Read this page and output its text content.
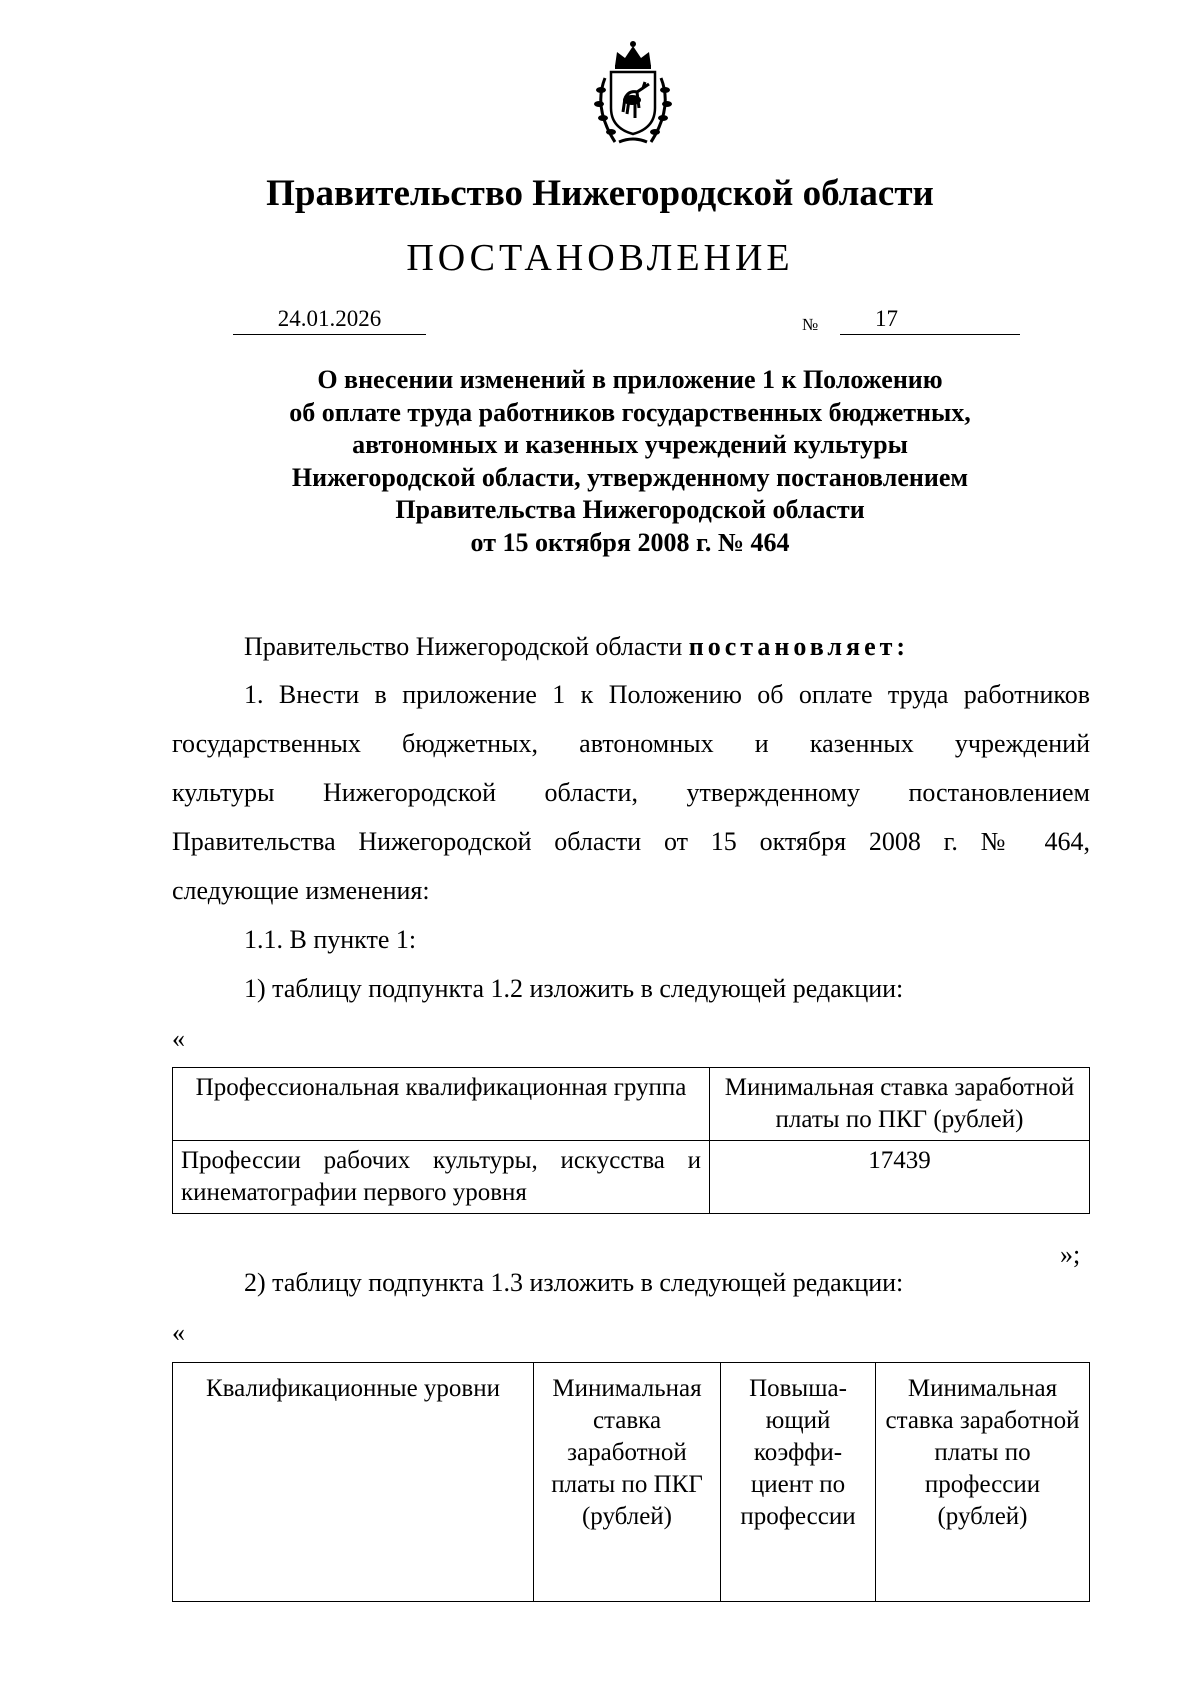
Правительство Нижегородской области
ПОСТАНОВЛЕНИЕ
24.01.2026	№	17
О внесении изменений в приложение 1 к Положению
об оплате труда работников государственных бюджетных,
автономных и казенных учреждений культуры
Нижегородской области, утвержденному постановлением
Правительства Нижегородской области
от 15 октября 2008 г. № 464
Правительство Нижегородской области постановляет:
1. Внести в приложение 1 к Положению об оплате труда работников
государственных бюджетных, автономных и казенных учреждений
культуры Нижегородской области, утвержденному постановлением
Правительства Нижегородской области от 15 октября 2008 г. № 464,
следующие изменения:
1.1. В пункте 1:
1) таблицу подпункта 1.2 изложить в следующей редакции:
«
Профессиональная квалификационная группа	Минимальная ставка заработной платы по ПКГ (рублей)
Профессии рабочих культуры, искусства и кинематографии первого уровня	17439
»;
2) таблицу подпункта 1.3 изложить в следующей редакции:
«
Квалификационные уровни	Минимальная ставка заработной платы по ПКГ (рублей)	Повыша-ющий коэффи-циент по профессии	Минимальная ставка заработной платы по профессии (рублей)
